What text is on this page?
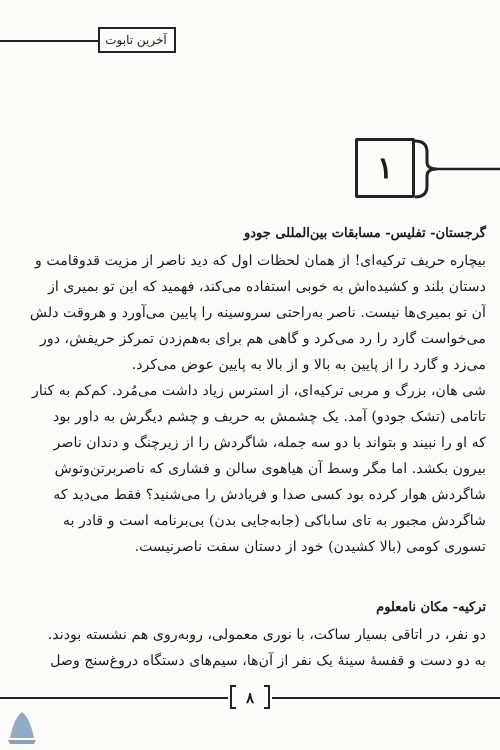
آخرین تابوت
۱
گرجستان- تفلیس- مسابقات بین‌المللی جودو
بیچاره حریف ترکیه‌ای! از همان لحظات اول که دید ناصر از مزیت قدوقامت و
دستان بلند و کشیده‌اش به خوبی استفاده می‌کند، فهمید که این تو بمیری از
آن تو بمیری‌ها نیست. ناصر به‌راحتی سروسینه را پایین می‌آورد و هروقت دلش
می‌خواست گارد را رد می‌کرد و گاهی هم برای به‌هم‌زدن تمرکز حریفش، دور
می‌زد و گارد را از پایین به بالا و از بالا به پایین عوض می‌کرد.
شی هان، بزرگ و مربی ترکیه‌ای، از استرس زیاد داشت می‌مُرد. کم‌کم به کنار
تاتامی (تشک جودو) آمد. یک چشمش به حریف و چشم دیگرش به داور بود
که او را نبیند و بتواند با دو سه جمله، شاگردش را از زیرچنگ و دندان ناصر
بیرون بکشد. اما مگر وسط آن هیاهوی سالن و فشاری که ناصربرتن‌وتوش
شاگردش هوار کرده بود کسی صدا و فریادش را می‌شنید؟ فقط می‌دید که
شاگردش مجبور به تای ساباکی (جابه‌جایی بدن) بی‌برنامه است و قادر به
تسوری کومی (بالا کشیدن) خود از دستان سفت ناصرنیست.
ترکیه- مکان نامعلوم
دو نفر، در اتاقی بسیار ساکت، با نوری معمولی، روبه‌روی هم نشسته بودند.
به دو دست و قفسهٔ سینهٔ یک نفر از آن‌ها، سیم‌های دستگاه دروغ‌سنج وصل
۸
